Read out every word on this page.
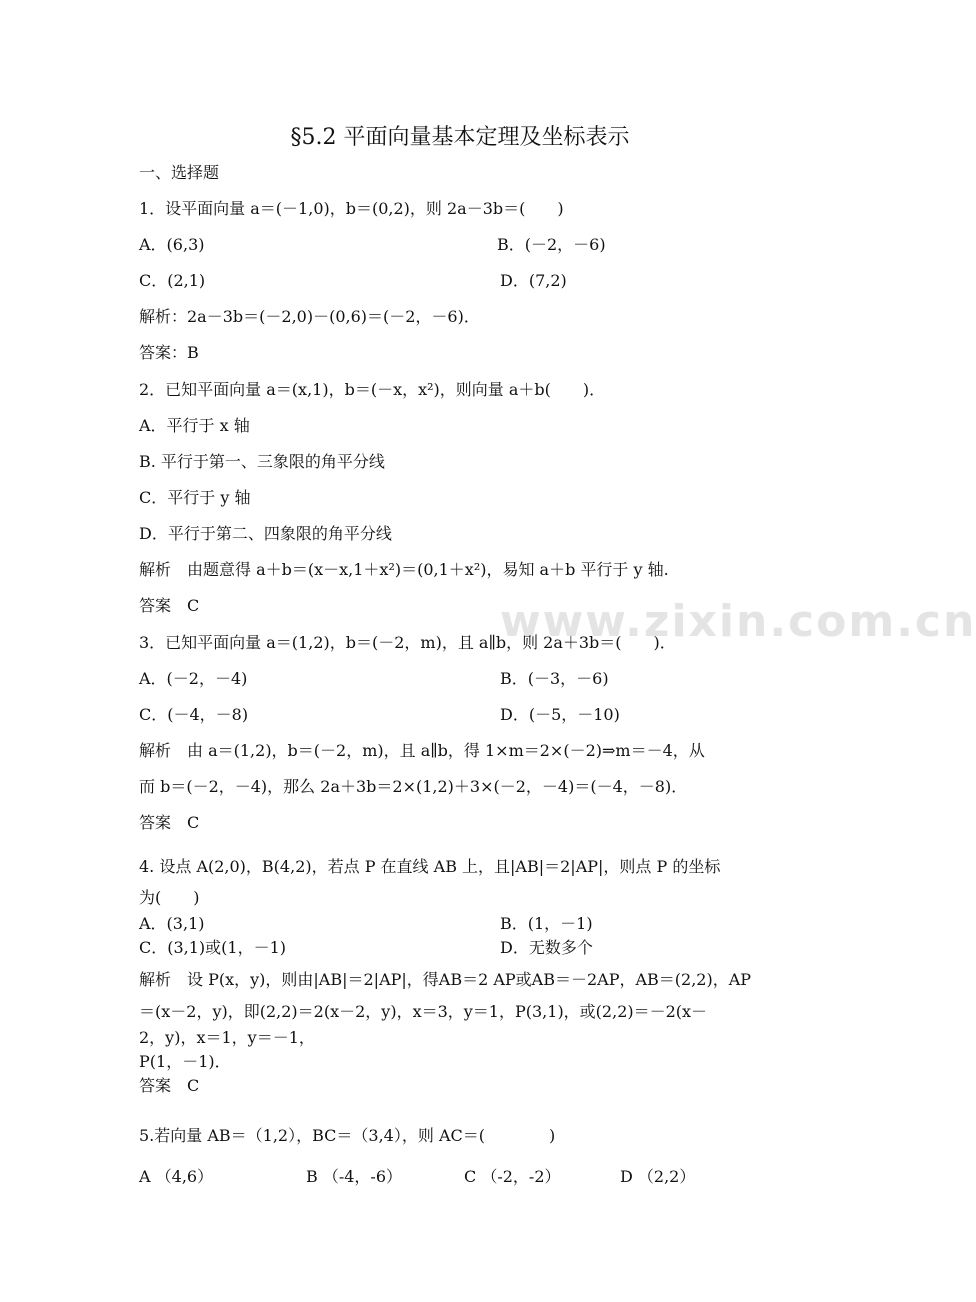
www.zixin.com.cn
§5.2 平面向量基本定理及坐标表示
一、选择题
1．设平面向量 a＝(－1,0)，b＝(0,2)，则 2a－3b＝(　　)
A．(6,3)	B．(－2，－6)
C．(2,1)	D．(7,2)
解析：2a－3b＝(－2,0)－(0,6)＝(－2，－6)．
答案：B
2．已知平面向量 a＝(x,1)，b＝(－x，x²)，则向量 a＋b(　　)．
A．平行于 x 轴
B. 平行于第一、三象限的角平分线
C．平行于 y 轴
D．平行于第二、四象限的角平分线
解析　由题意得 a＋b＝(x－x,1＋x²)＝(0,1＋x²)，易知 a＋b 平行于 y 轴.
答案　C
3．已知平面向量 a＝(1,2)，b＝(－2，m)，且 a∥b，则 2a＋3b＝(　　)．
A．(－2，－4)	B．(－3，－6)
C．(－4，－8)	D．(－5，－10)
解析　由 a＝(1,2)，b＝(－2，m)，且 a∥b，得 1×m＝2×(－2)⇒m＝－4，从
而 b＝(－2，－4)，那么 2a＋3b＝2×(1,2)＋3×(－2，－4)＝(－4，－8)．
答案　C
4. 设点 A(2,0)，B(4,2)，若点 P 在直线 AB 上，且|AB|＝2|AP|，则点 P 的坐标
为(　　)
A．(3,1)	B．(1，－1)
C．(3,1)或(1，－1)	D．无数多个
解析　设 P(x，y)，则由|AB|＝2|AP|，得AB＝2 AP或AB＝－2AP，AB＝(2,2)，AP
＝(x－2，y)，即(2,2)＝2(x－2，y)，x＝3，y＝1，P(3,1)，或(2,2)＝－2(x－
2，y)，x＝1，y＝－1，
P(1，－1)．
答案　C
5.若向量 AB＝（1,2），BC＝（3,4），则 AC＝(　　　　)
A （4,6）	B （-4，-6）	C （-2，-2）	D （2,2）
